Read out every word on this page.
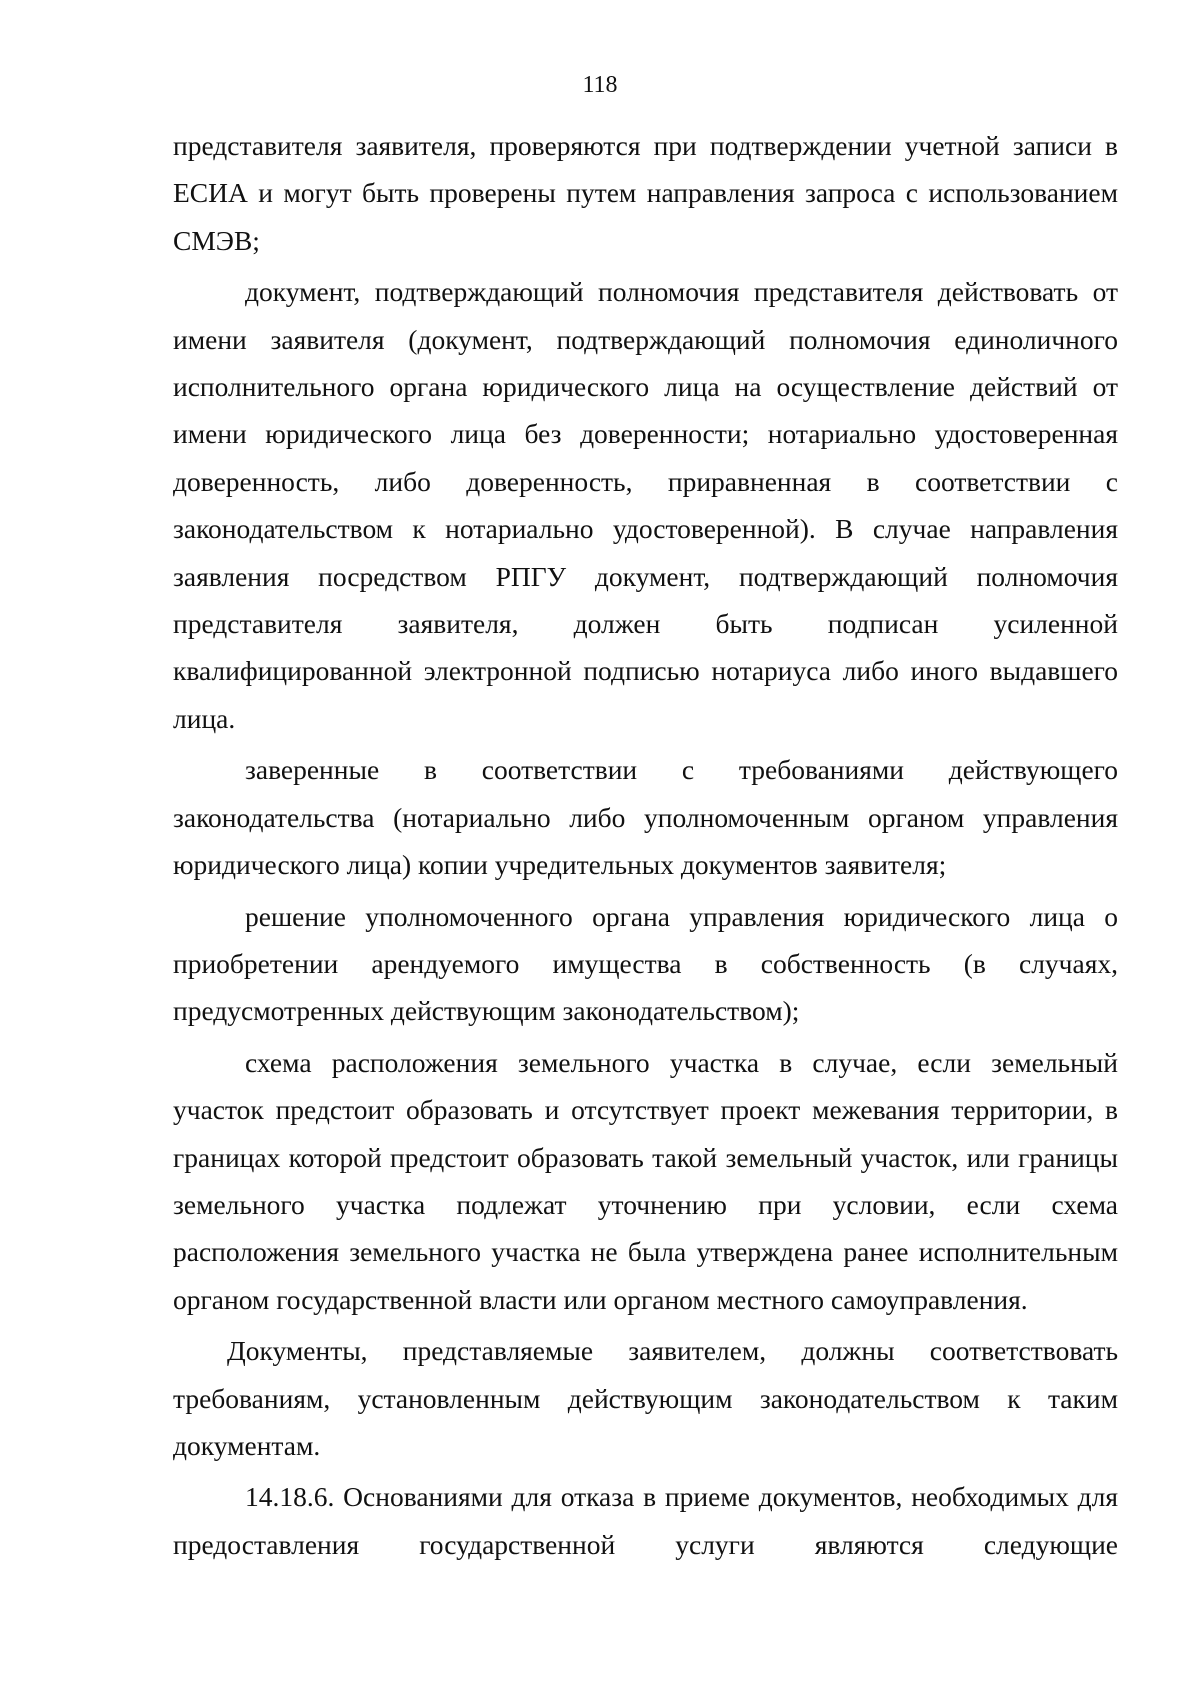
118

представителя заявителя, проверяются при подтверждении учетной записи в ЕСИА и могут быть проверены путем направления запроса с использованием СМЭВ;

документ, подтверждающий полномочия представителя действовать от имени заявителя (документ, подтверждающий полномочия единоличного исполнительного органа юридического лица на осуществление действий от имени юридического лица без доверенности; нотариально удостоверенная доверенность, либо доверенность, приравненная в соответствии с законодательством к нотариально удостоверенной). В случае направления заявления посредством РПГУ документ, подтверждающий полномочия представителя заявителя, должен быть подписан усиленной квалифицированной электронной подписью нотариуса либо иного выдавшего лица.

заверенные в соответствии с требованиями действующего законодательства (нотариально либо уполномоченным органом управления юридического лица) копии учредительных документов заявителя;

решение уполномоченного органа управления юридического лица о приобретении арендуемого имущества в собственность (в случаях, предусмотренных действующим законодательством);

схема расположения земельного участка в случае, если земельный участок предстоит образовать и отсутствует проект межевания территории, в границах которой предстоит образовать такой земельный участок, или границы земельного участка подлежат уточнению при условии, если схема расположения земельного участка не была утверждена ранее исполнительным органом государственной власти или органом местного самоуправления.

Документы, представляемые заявителем, должны соответствовать требованиям, установленным действующим законодательством к таким документам.

14.18.6. Основаниями для отказа в приеме документов, необходимых для предоставления государственной услуги являются следующие
